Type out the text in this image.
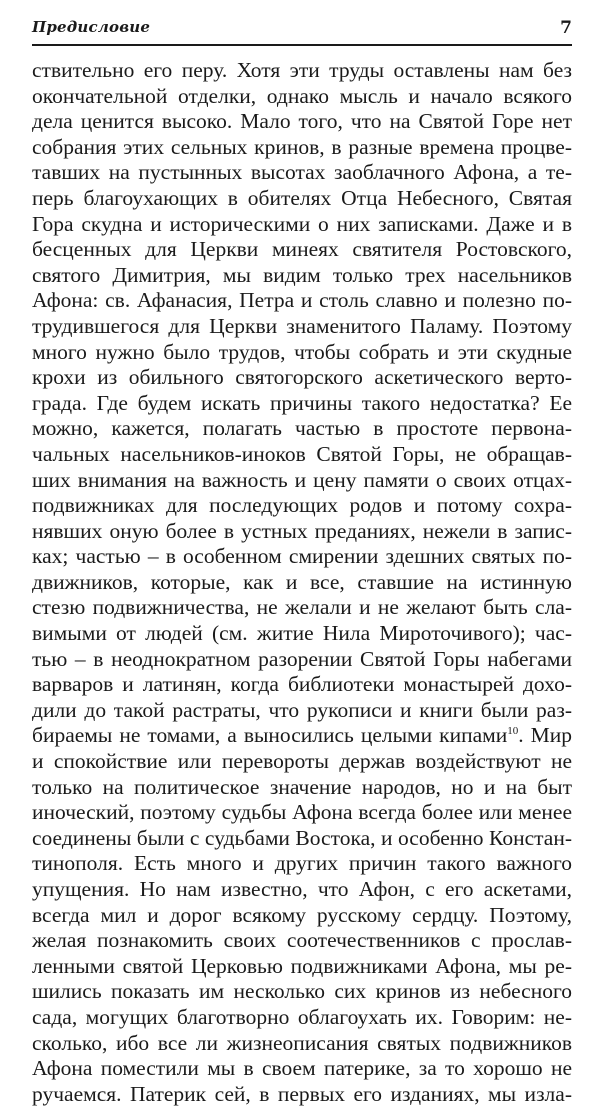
Предисловие	7
ствительно его перу. Хотя эти труды оставлены нам без
окончательной отделки, однако мысль и начало всякого
дела ценится высоко. Мало того, что на Святой Горе нет
собрания этих сельных кринов, в разные времена процве-
тавших на пустынных высотах заоблачного Афона, а те-
перь благоухающих в обителях Отца Небесного, Святая
Гора скудна и историческими о них записками. Даже и в
бесценных для Церкви минеях святителя Ростовского,
святого Димитрия, мы видим только трех насельников
Афона: св. Афанасия, Петра и столь славно и полезно по-
трудившегося для Церкви знаменитого Паламу. Поэтому
много нужно было трудов, чтобы собрать и эти скудные
крохи из обильного святогорского аскетического верто-
града. Где будем искать причины такого недостатка? Ее
можно, кажется, полагать частью в простоте первона-
чальных насельников-иноков Святой Горы, не обращав-
ших внимания на важность и цену памяти о своих отцах-
подвижниках для последующих родов и потому сохра-
нявших оную более в устных преданиях, нежели в запис-
ках; частью – в особенном смирении здешних святых по-
движников, которые, как и все, ставшие на истинную
стезю подвижничества, не желали и не желают быть сла-
вимыми от людей (см. житие Нила Мироточивого); час-
тью – в неоднократном разорении Святой Горы набегами
варваров и латинян, когда библиотеки монастырей дохо-
дили до такой растраты, что рукописи и книги были раз-
бираемы не томами, а выносились целыми кипами$^{10}$. Мир
и спокойствие или перевороты держав воздействуют не
только на политическое значение народов, но и на быт
иноческий, поэтому судьбы Афона всегда более или менее
соединены были с судьбами Востока, и особенно Констан-
тинополя. Есть много и других причин такого важного
упущения. Но нам известно, что Афон, с его аскетами,
всегда мил и дорог всякому русскому сердцу. Поэтому,
желая познакомить своих соотечественников с прослав-
ленными святой Церковью подвижниками Афона, мы ре-
шились показать им несколько сих кринов из небесного
сада, могущих благотворно облагоухать их. Говорим: не-
сколько, ибо все ли жизнеописания святых подвижников
Афона поместили мы в своем патерике, за то хорошо не
ручаемся. Патерик сей, в первых его изданиях, мы изла-
